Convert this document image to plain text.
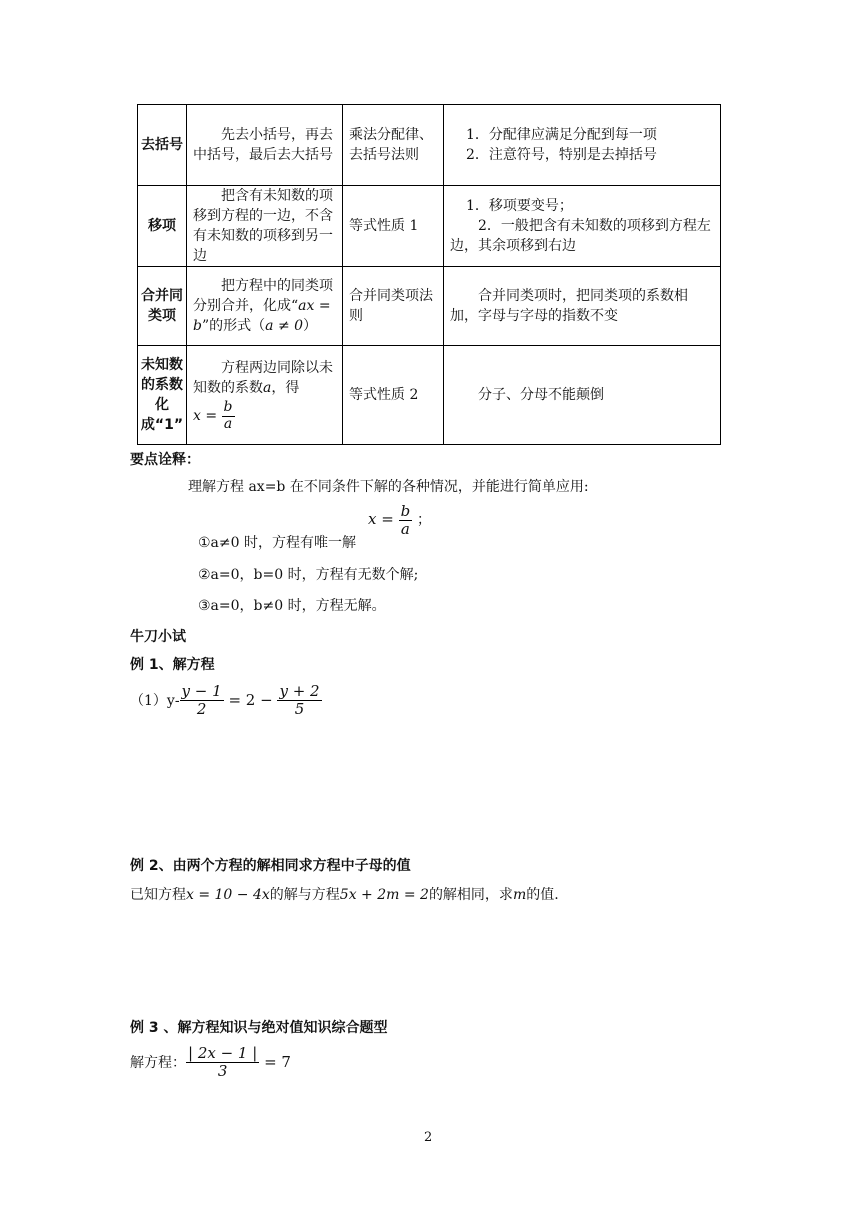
去括号	先去小括号，再去中括号，最后去大括号	乘法分配律、去括号法则	1．分配律应满足分配到每一项
2．注意符号，特别是去掉括号

移项	把含有未知数的项移到方程的一边，不含有未知数的项移到另一边	等式性质 1	1．移项要变号；
2．一般把含有未知数的项移到方程左边，其余项移到右边

合并同类项	把方程中的同类项分别合并，化成“ax = b”的形式（a ≠ 0）	合并同类项法则	合并同类项时，把同类项的系数相加，字母与字母的指数不变
未知数的系数化成“1”	方程两边同除以未知数的系数a，得
$x = \frac{b}{a}$	等式性质 2	分子、分母不能颠倒
要点诠释：
理解方程 ax=b 在不同条件下解的各种情况，并能进行简单应用:
①a≠0 时，方程有唯一解
$x = \frac{b}{a}$ ；
②a=0，b=0 时，方程有无数个解;
③a=0，b≠0 时，方程无解。
牛刀小试
例 1、解方程
$(1)y- \frac{y - 1}{2} = 2 - \frac{y + 2}{5}$
例 2、由两个方程的解相同求方程中子母的值
已知方程x = 10 − 4x的解与方程5x + 2m = 2的解相同，求m的值.
例 3 、解方程知识与绝对值知识综合题型
解方程： $\frac{| 2x - 1 |}{3} = 7$
2
